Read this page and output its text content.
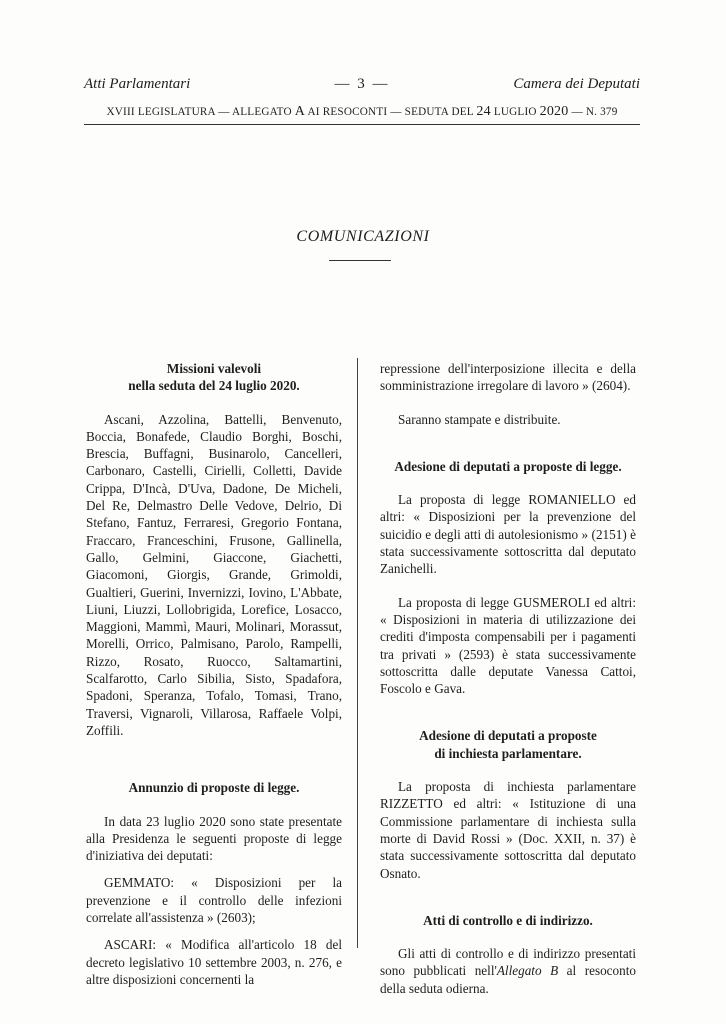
Atti Parlamentari	— 3 —	Camera dei Deputati
XVIII LEGISLATURA — ALLEGATO A AI RESOCONTI — SEDUTA DEL 24 LUGLIO 2020 — N. 379
COMUNICAZIONI
Missioni valevoli
nella seduta del 24 luglio 2020.

Ascani, Azzolina, Battelli, Benvenuto, Boccia, Bonafede, Claudio Borghi, Boschi, Brescia, Buffagni, Businarolo, Cancelleri, Carbonaro, Castelli, Cirielli, Colletti, Davide Crippa, D'Incà, D'Uva, Dadone, De Micheli, Del Re, Delmastro Delle Vedove, Delrio, Di Stefano, Fantuz, Ferraresi, Gregorio Fontana, Fraccaro, Franceschini, Frusone, Gallinella, Gallo, Gelmini, Giaccone, Giachetti, Giacomoni, Giorgis, Grande, Grimoldi, Gualtieri, Guerini, Invernizzi, Iovino, L'Abbate, Liuni, Liuzzi, Lollobrigida, Lorefice, Losacco, Maggioni, Mammì, Mauri, Molinari, Morassut, Morelli, Orrico, Palmisano, Parolo, Rampelli, Rizzo, Rosato, Ruocco, Saltamartini, Scalfarotto, Carlo Sibilia, Sisto, Spadafora, Spadoni, Speranza, Tofalo, Tomasi, Trano, Traversi, Vignaroli, Villarosa, Raffaele Volpi, Zoffili.

Annunzio di proposte di legge.

In data 23 luglio 2020 sono state presentate alla Presidenza le seguenti proposte di legge d'iniziativa dei deputati:

GEMMATO: « Disposizioni per la prevenzione e il controllo delle infezioni correlate all'assistenza » (2603);

ASCARI: « Modifica all'articolo 18 del decreto legislativo 10 settembre 2003, n. 276, e altre disposizioni concernenti la

repressione dell'interposizione illecita e della somministrazione irregolare di lavoro » (2604).

Saranno stampate e distribuite.

Adesione di deputati a proposte di legge.

La proposta di legge ROMANIELLO ed altri: « Disposizioni per la prevenzione del suicidio e degli atti di autolesionismo » (2151) è stata successivamente sottoscritta dal deputato Zanichelli.

La proposta di legge GUSMEROLI ed altri: « Disposizioni in materia di utilizzazione dei crediti d'imposta compensabili per i pagamenti tra privati » (2593) è stata successivamente sottoscritta dalle deputate Vanessa Cattoi, Foscolo e Gava.

Adesione di deputati a proposte
di inchiesta parlamentare.

La proposta di inchiesta parlamentare RIZZETTO ed altri: « Istituzione di una Commissione parlamentare di inchiesta sulla morte di David Rossi » (Doc. XXII, n. 37) è stata successivamente sottoscritta dal deputato Osnato.

Atti di controllo e di indirizzo.

Gli atti di controllo e di indirizzo presentati sono pubblicati nell'Allegato B al resoconto della seduta odierna.
